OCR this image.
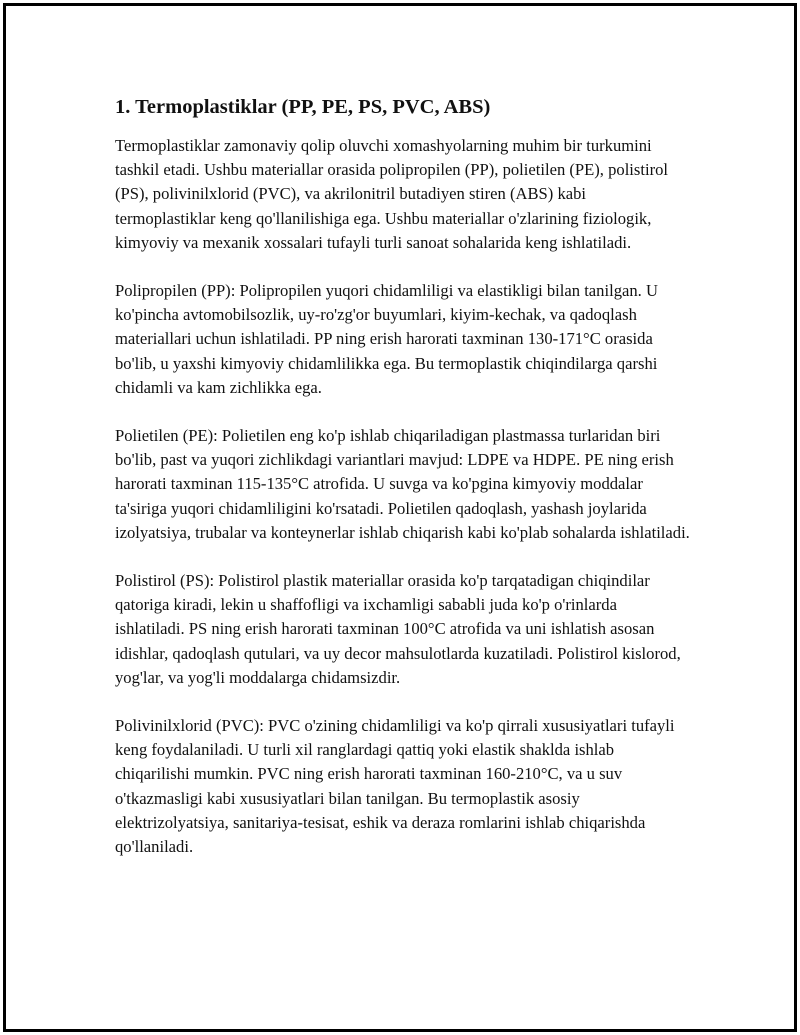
1. Termoplastiklar (PP, PE, PS, PVC, ABS)

Termoplastiklar zamonaviy qolip oluvchi xomashyolarning muhim bir turkumini tashkil etadi. Ushbu materiallar orasida polipropilen (PP), polietilen (PE), polistirol (PS), polivinilxlorid (PVC), va akrilonitril butadiyen stiren (ABS) kabi termoplastiklar keng qo'llanilishiga ega. Ushbu materiallar o'zlarining fiziologik, kimyoviy va mexanik xossalari tufayli turli sanoat sohalarida keng ishlatiladi.

Polipropilen (PP): Polipropilen yuqori chidamliligi va elastikligi bilan tanilgan. U ko'pincha avtomobilsozlik, uy-ro'zg'or buyumlari, kiyim-kechak, va qadoqlash materiallari uchun ishlatiladi. PP ning erish harorati taxminan 130-171°C orasida bo'lib, u yaxshi kimyoviy chidamlilikka ega. Bu termoplastik chiqindilarga qarshi chidamli va kam zichlikka ega.

Polietilen (PE): Polietilen eng ko'p ishlab chiqariladigan plastmassa turlaridan biri bo'lib, past va yuqori zichlikdagi variantlari mavjud: LDPE va HDPE. PE ning erish harorati taxminan 115-135°C atrofida. U suvga va ko'pgina kimyoviy moddalar ta'siriga yuqori chidamliligini ko'rsatadi. Polietilen qadoqlash, yashash joylarida izolyatsiya, trubalar va konteynerlar ishlab chiqarish kabi ko'plab sohalarda ishlatiladi.

Polistirol (PS): Polistirol plastik materiallar orasida ko'p tarqatadigan chiqindilar qatoriga kiradi, lekin u shaffofligi va ixchamligi sababli juda ko'p o'rinlarda ishlatiladi. PS ning erish harorati taxminan 100°C atrofida va uni ishlatish asosan idishlar, qadoqlash qutulari, va uy decor mahsulotlarda kuzatiladi. Polistirol kislorod, yog'lar, va yog'li moddalarga chidamsizdir.

Polivinilxlorid (PVC): PVC o'zining chidamliligi va ko'p qirrali xususiyatlari tufayli keng foydalaniladi. U turli xil ranglardagi qattiq yoki elastik shaklda ishlab chiqarilishi mumkin. PVC ning erish harorati taxminan 160-210°C, va u suv o'tkazmasligi kabi xususiyatlari bilan tanilgan. Bu termoplastik asosiy elektrizolyatsiya, sanitariya-tesisat, eshik va deraza romlarini ishlab chiqarishda qo'llaniladi.
